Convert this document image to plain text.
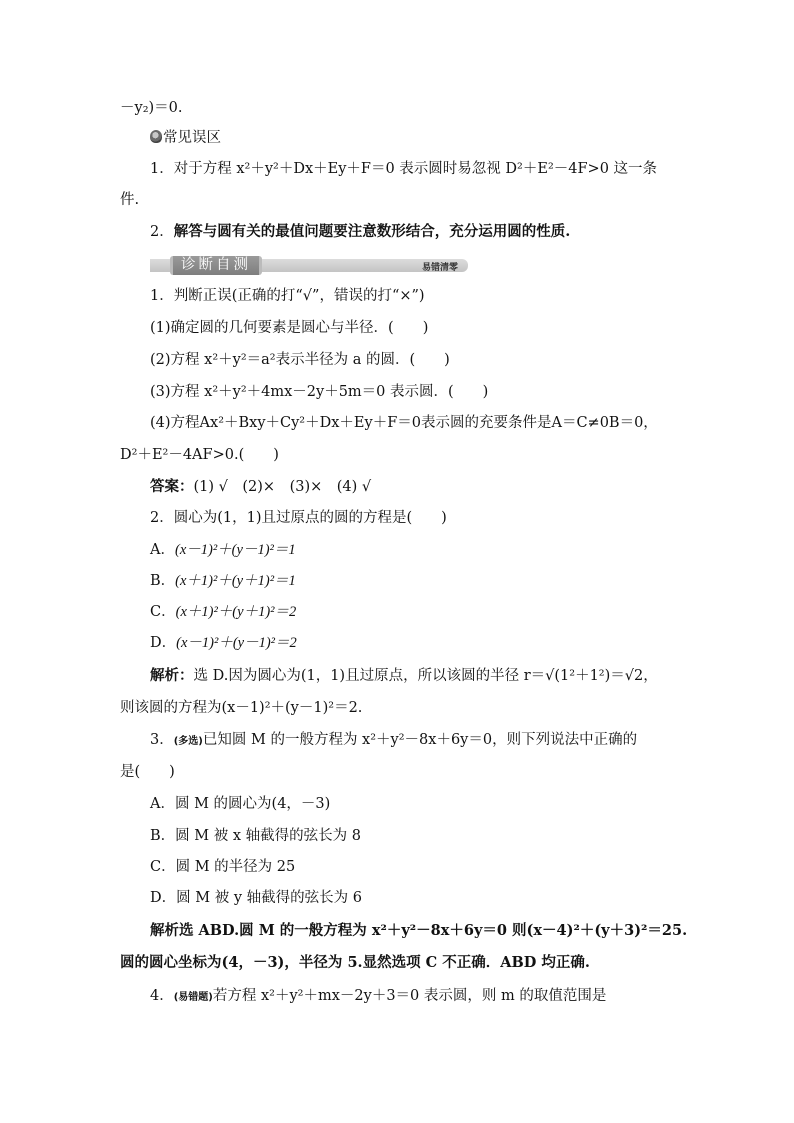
－y₂)＝0.
常见误区
1．对于方程 x²＋y²＋Dx＋Ey＋F＝0 表示圆时易忽视 D²＋E²－4F>0 这一条
件.
2．解答与圆有关的最值问题要注意数形结合，充分运用圆的性质.
诊断自测	易错清零
1．判断正误(正确的打“√”，错误的打“×”)
(1)确定圆的几何要素是圆心与半径．(　　)
(2)方程 x²＋y²＝a²表示半径为 a 的圆．(　　)
(3)方程 x²＋y²＋4mx－2y＋5m＝0 表示圆．(　　)
(4)方程Ax²＋Bxy＋Cy²＋Dx＋Ey＋F＝0表示圆的充要条件是A＝C≠0B＝0，
D²＋E²－4AF>0.(　　)
答案：(1) √　(2)×　(3)×　(4) √
2．圆心为(1，1)且过原点的圆的方程是(　　)
A．(x－1)²＋(y－1)²＝1
B．(x＋1)²＋(y＋1)²＝1
C．(x＋1)²＋(y＋1)²＝2
D．(x－1)²＋(y－1)²＝2
解析：选 D.因为圆心为(1，1)且过原点，所以该圆的半径 r＝√(1²＋1²)＝√2，
则该圆的方程为(x－1)²＋(y－1)²＝2.
3．(多选)已知圆 M 的一般方程为 x²＋y²－8x＋6y＝0，则下列说法中正确的
是(　　)
A．圆 M 的圆心为(4，－3)
B．圆 M 被 x 轴截得的弦长为 8
C．圆 M 的半径为 25
D．圆 M 被 y 轴截得的弦长为 6
解析选 ABD.圆 M 的一般方程为 x²＋y²－8x＋6y＝0 则(x－4)²＋(y＋3)²＝25.
圆的圆心坐标为(4，－3)，半径为 5.显然选项 C 不正确．ABD 均正确.
4．(易错题)若方程 x²＋y²＋mx－2y＋3＝0 表示圆，则 m 的取值范围是
